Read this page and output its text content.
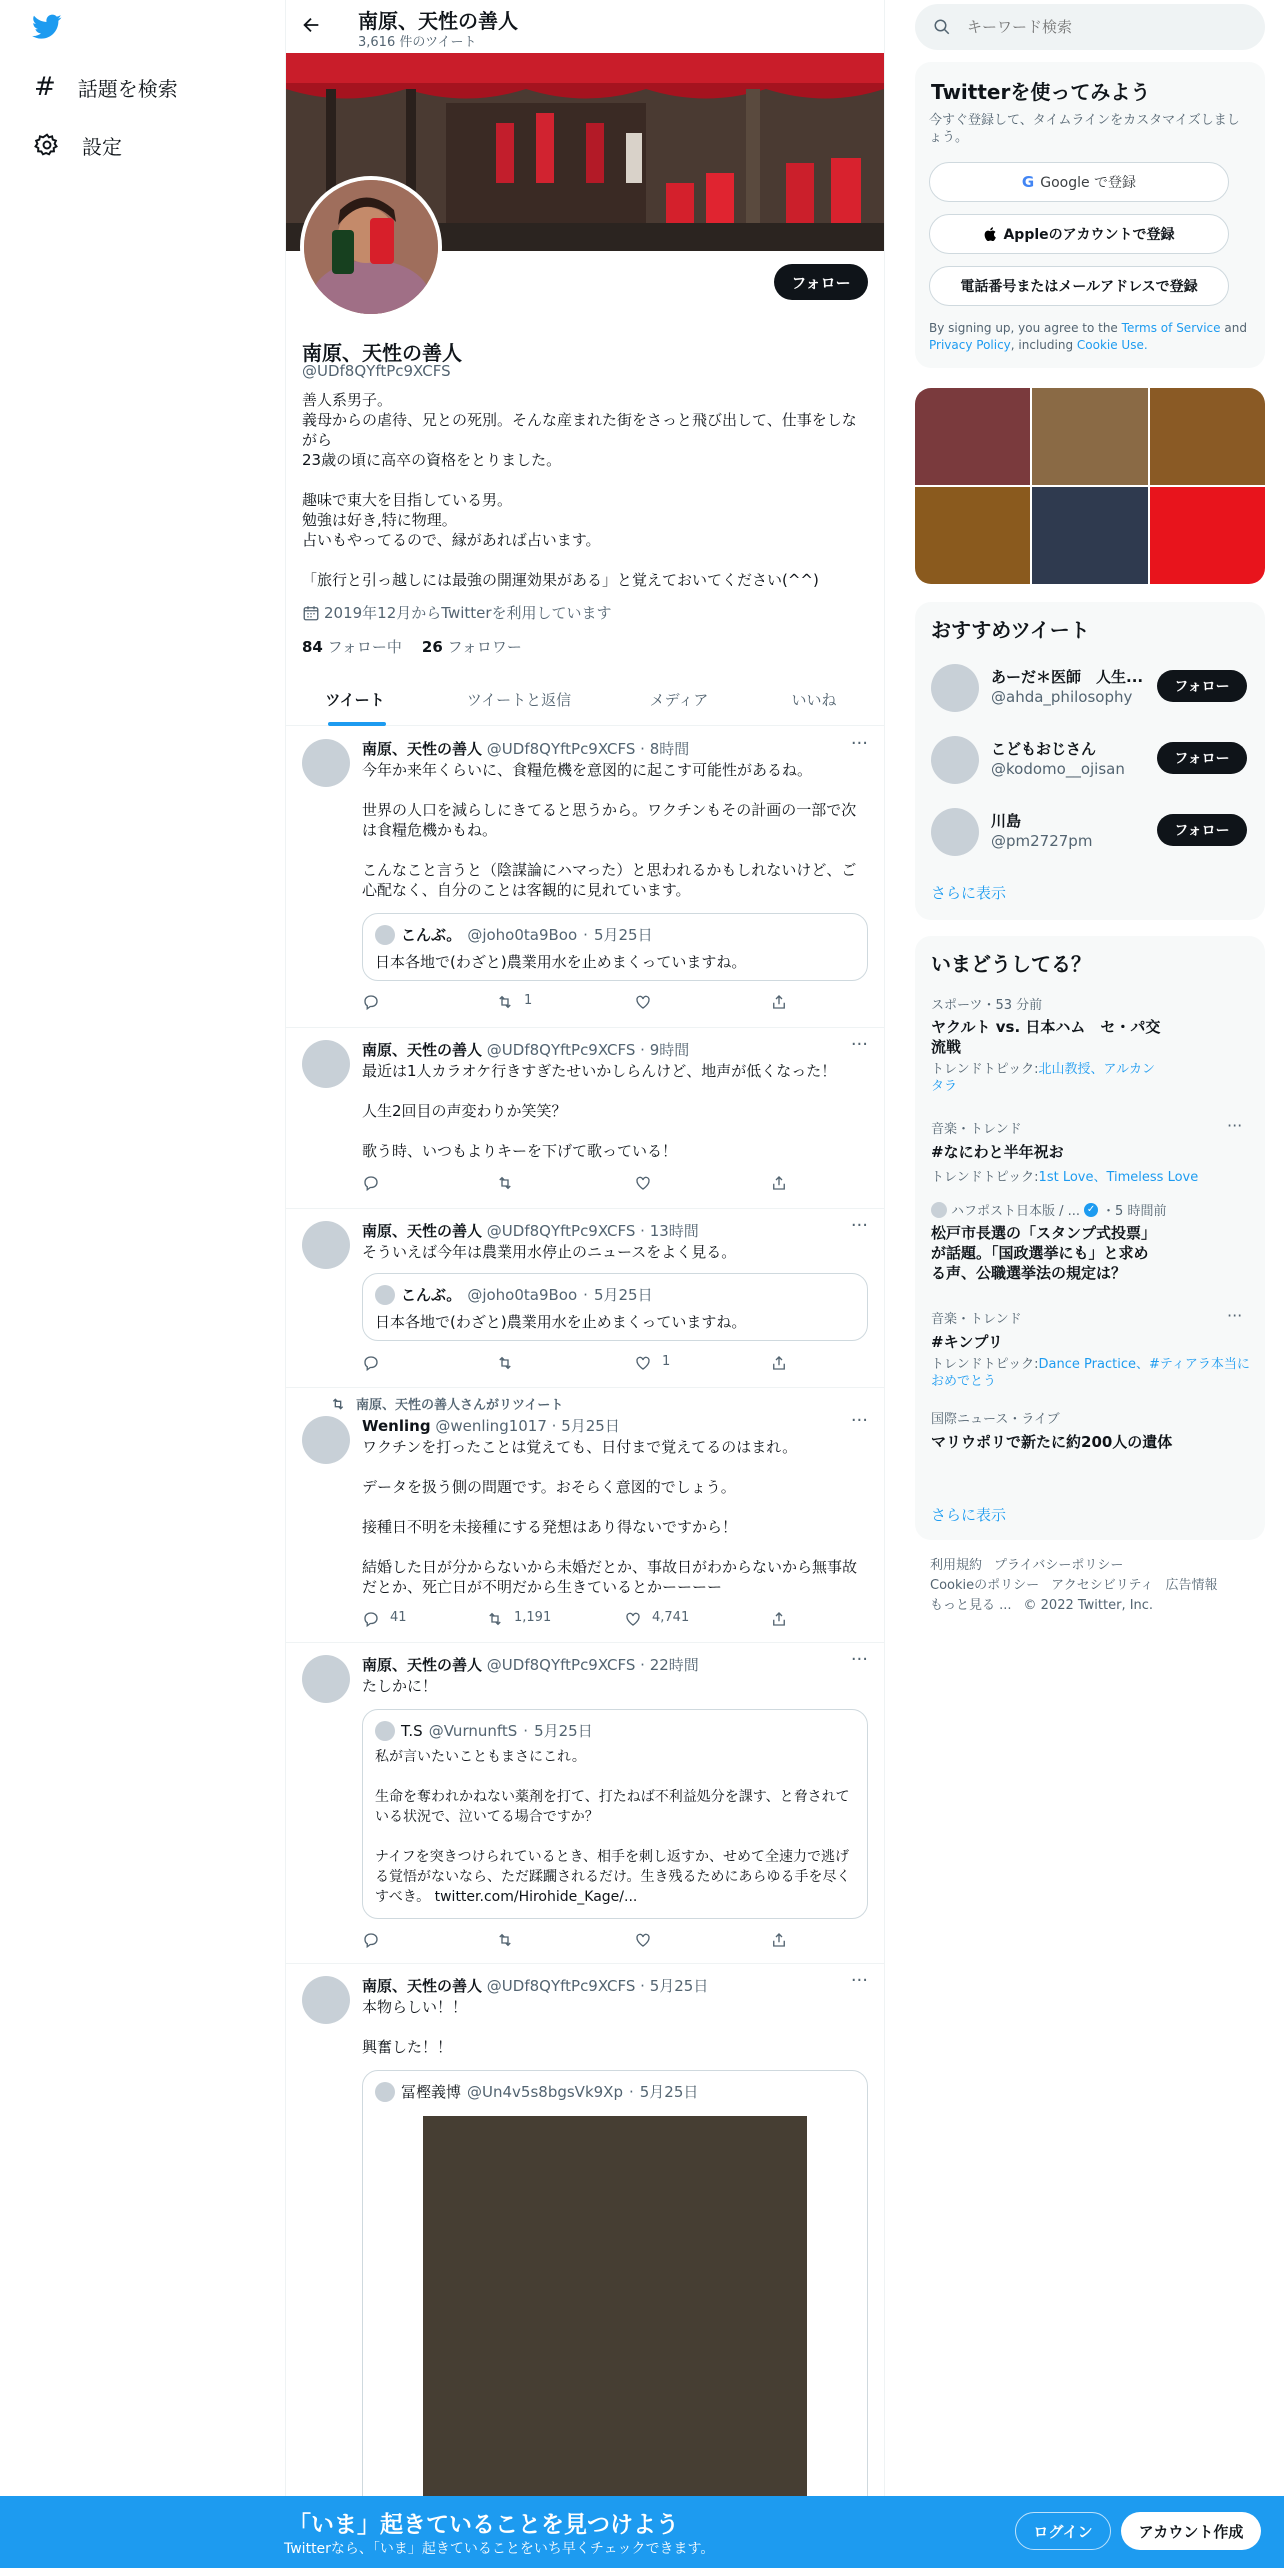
# 話題を検索
設定
南原、天性の善人
3,616 件のツイート
フォロー
南原、天性の善人
@UDf8QYftPc9XCFS
善人系男子。
義母からの虐待、兄との死別。そんな産まれた街をさっと飛び出して、仕事をしながら
23歳の頃に高卒の資格をとりました。

趣味で東大を目指している男。
勉強は好き,特に物理。
占いもやってるので、縁があれば占います。

「旅行と引っ越しには最強の開運効果がある」と覚えておいてください(^^)
2019年12月からTwitterを利用しています
84 フォロー中 26 フォロワー
ツイート	ツイートと返信	メディア	いいね
南原、天性の善人 @UDf8QYftPc9XCFS · 8時間	···
今年か来年くらいに、食糧危機を意図的に起こす可能性があるね。

世界の人口を減らしにきてると思うから。ワクチンもその計画の一部で次は食糧危機かもね。

こんなこと言うと（陰謀論にハマった）と思われるかもしれないけど、ご心配なく、自分のことは客観的に見れています。
こんぶ。 @joho0ta9Boo · 5月25日
日本各地で(わざと)農業用水を止めまくっていますね。
1
南原、天性の善人 @UDf8QYftPc9XCFS · 9時間	···
最近は1人カラオケ行きすぎたせいかしらんけど、地声が低くなった！

人生2回目の声変わりか笑笑？

歌う時、いつもよりキーを下げて歌っている！
南原、天性の善人 @UDf8QYftPc9XCFS · 13時間	···
そういえば今年は農業用水停止のニュースをよく見る。
こんぶ。 @joho0ta9Boo · 5月25日
日本各地で(わざと)農業用水を止めまくっていますね。
1
南原、天性の善人さんがリツイート
Wenling @wenling1017 · 5月25日	···
ワクチンを打ったことは覚えても、日付まで覚えてるのはまれ。

データを扱う側の問題です。おそらく意図的でしょう。

接種日不明を未接種にする発想はあり得ないですから！

結婚した日が分からないから未婚だとか、事故日がわからないから無事故だとか、死亡日が不明だから生きているとかーーーー
41	1,191	4,741
南原、天性の善人 @UDf8QYftPc9XCFS · 22時間	···
たしかに！
T.S @VurnunftS · 5月25日
私が言いたいこともまさにこれ。

生命を奪われかねない薬剤を打て、打たねば不利益処分を課す、と脅されている状況で、泣いてる場合ですか？

ナイフを突きつけられているとき、相手を刺し返すか、せめて全速力で逃げる覚悟がないなら、ただ蹂躙されるだけ。生き残るためにあらゆる手を尽くすべき。 twitter.com/Hirohide_Kage/...
南原、天性の善人 @UDf8QYftPc9XCFS · 5月25日	···
本物らしい！！

興奮した！！
冨樫義博 @Un4v5s8bgsVk9Xp · 5月25日
キーワード検索
Twitterを使ってみよう
今すぐ登録して、タイムラインをカスタマイズしましょう。
G Google で登録
Appleのアカウントで登録
電話番号またはメールアドレスで登録
By signing up, you agree to the Terms of Service and Privacy Policy, including Cookie Use.
おすすめツイート
あーだ＊医師　人生...
@ahda_philosophy
フォロー
こどもおじさん
@kodomo__ojisan
フォロー
川島
@pm2727pm
フォロー
さらに表示
いまどうしてる？
スポーツ・53 分前
ヤクルト vs. 日本ハム　セ・パ交
流戦
トレンドトピック:北山教授、アルカン
タラ
音楽・トレンド
#なにわと半年祝お
トレンドトピック:1st Love、Timeless Love
···
ハフポスト日本版 / ... ✓ ・5 時間前
松戸市長選の「スタンプ式投票」
が話題。「国政選挙にも」と求め
る声、公職選挙法の規定は？
音楽・トレンド
#キンプリ
トレンドトピック:Dance Practice、#ティアラ本当に
おめでとう
···
国際ニュース・ライブ
マリウポリで新たに約200人の遺体
さらに表示
利用規約 プライバシーポリシー
Cookieのポリシー アクセシビリティ 広告情報
もっと見る ... © 2022 Twitter, Inc.
「いま」起きていることを見つけよう
Twitterなら、「いま」起きていることをいち早くチェックできます。
ログイン	アカウント作成
